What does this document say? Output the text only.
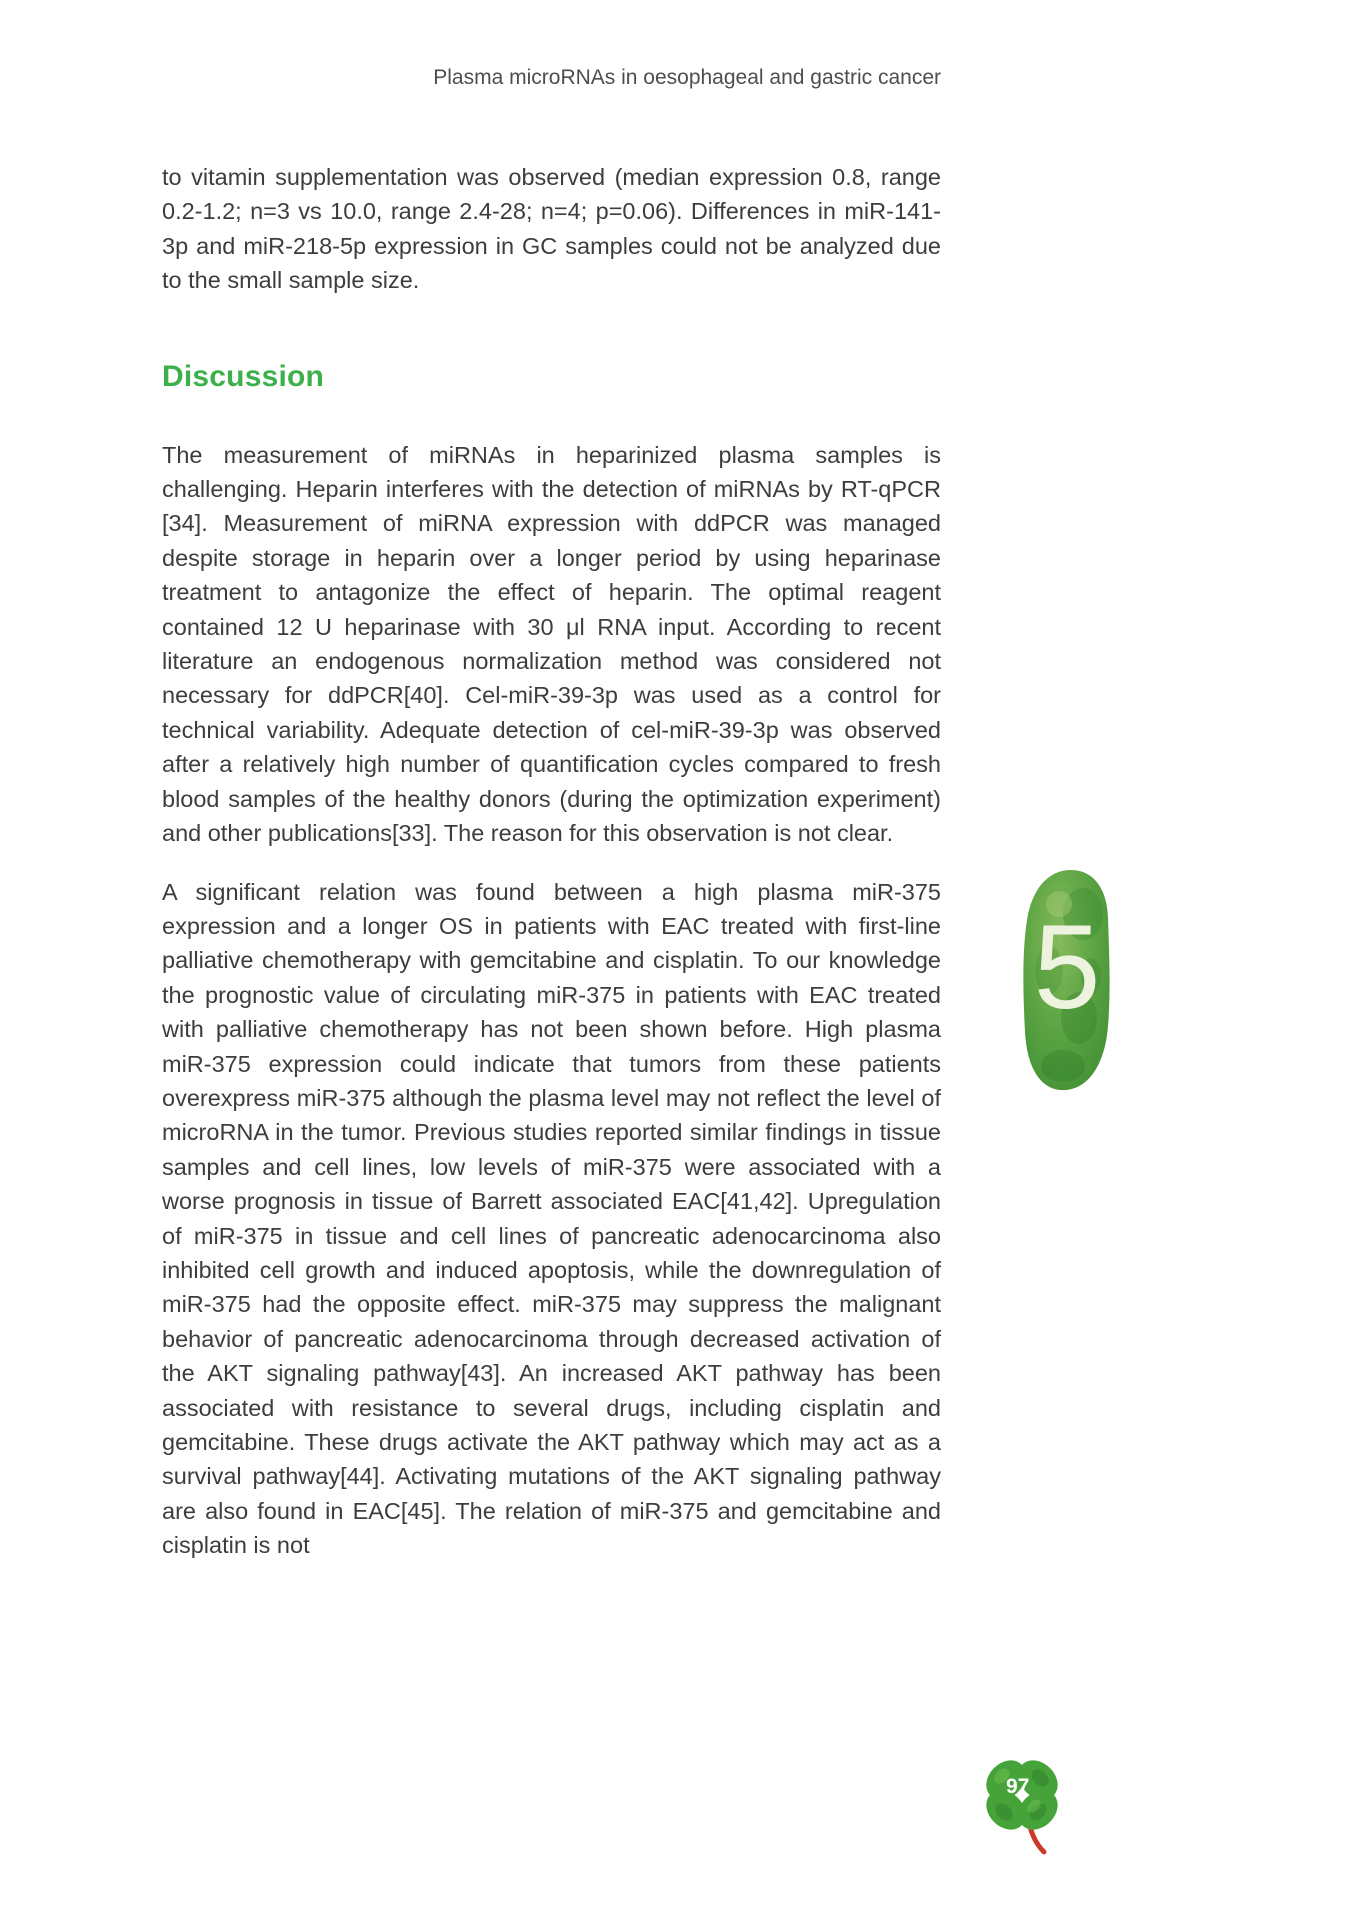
Plasma microRNAs in oesophageal and gastric cancer

to vitamin supplementation was observed (median expression 0.8, range 0.2-1.2; n=3 vs 10.0, range 2.4-28; n=4; p=0.06). Differences in miR-141-3p and miR-218-5p expression in GC samples could not be analyzed due to the small sample size.

Discussion

The measurement of miRNAs in heparinized plasma samples is challenging. Heparin interferes with the detection of miRNAs by RT-qPCR [34]. Measurement of miRNA expression with ddPCR was managed despite storage in heparin over a longer period by using heparinase treatment to antagonize the effect of heparin. The optimal reagent contained 12 U heparinase with 30 μl RNA input. According to recent literature an endogenous normalization method was considered not necessary for ddPCR[40]. Cel-miR-39-3p was used as a control for technical variability. Adequate detection of cel-miR-39-3p was observed after a relatively high number of quantification cycles compared to fresh blood samples of the healthy donors (during the optimization experiment) and other publications[33]. The reason for this observation is not clear.

A significant relation was found between a high plasma miR-375 expression and a longer OS in patients with EAC treated with first-line palliative chemotherapy with gemcitabine and cisplatin. To our knowledge the prognostic value of circulating miR-375 in patients with EAC treated with palliative chemotherapy has not been shown before. High plasma miR-375 expression could indicate that tumors from these patients overexpress miR-375 although the plasma level may not reflect the level of microRNA in the tumor. Previous studies reported similar findings in tissue samples and cell lines, low levels of miR-375 were associated with a worse prognosis in tissue of Barrett associated EAC[41,42]. Upregulation of miR-375 in tissue and cell lines of pancreatic adenocarcinoma also inhibited cell growth and induced apoptosis, while the downregulation of miR-375 had the opposite effect. miR-375 may suppress the malignant behavior of pancreatic adenocarcinoma through decreased activation of the AKT signaling pathway[43]. An increased AKT pathway has been associated with resistance to several drugs, including cisplatin and gemcitabine. These drugs activate the AKT pathway which may act as a survival pathway[44]. Activating mutations of the AKT signaling pathway are also found in EAC[45]. The relation of miR-375 and gemcitabine and cisplatin is not

5
97
